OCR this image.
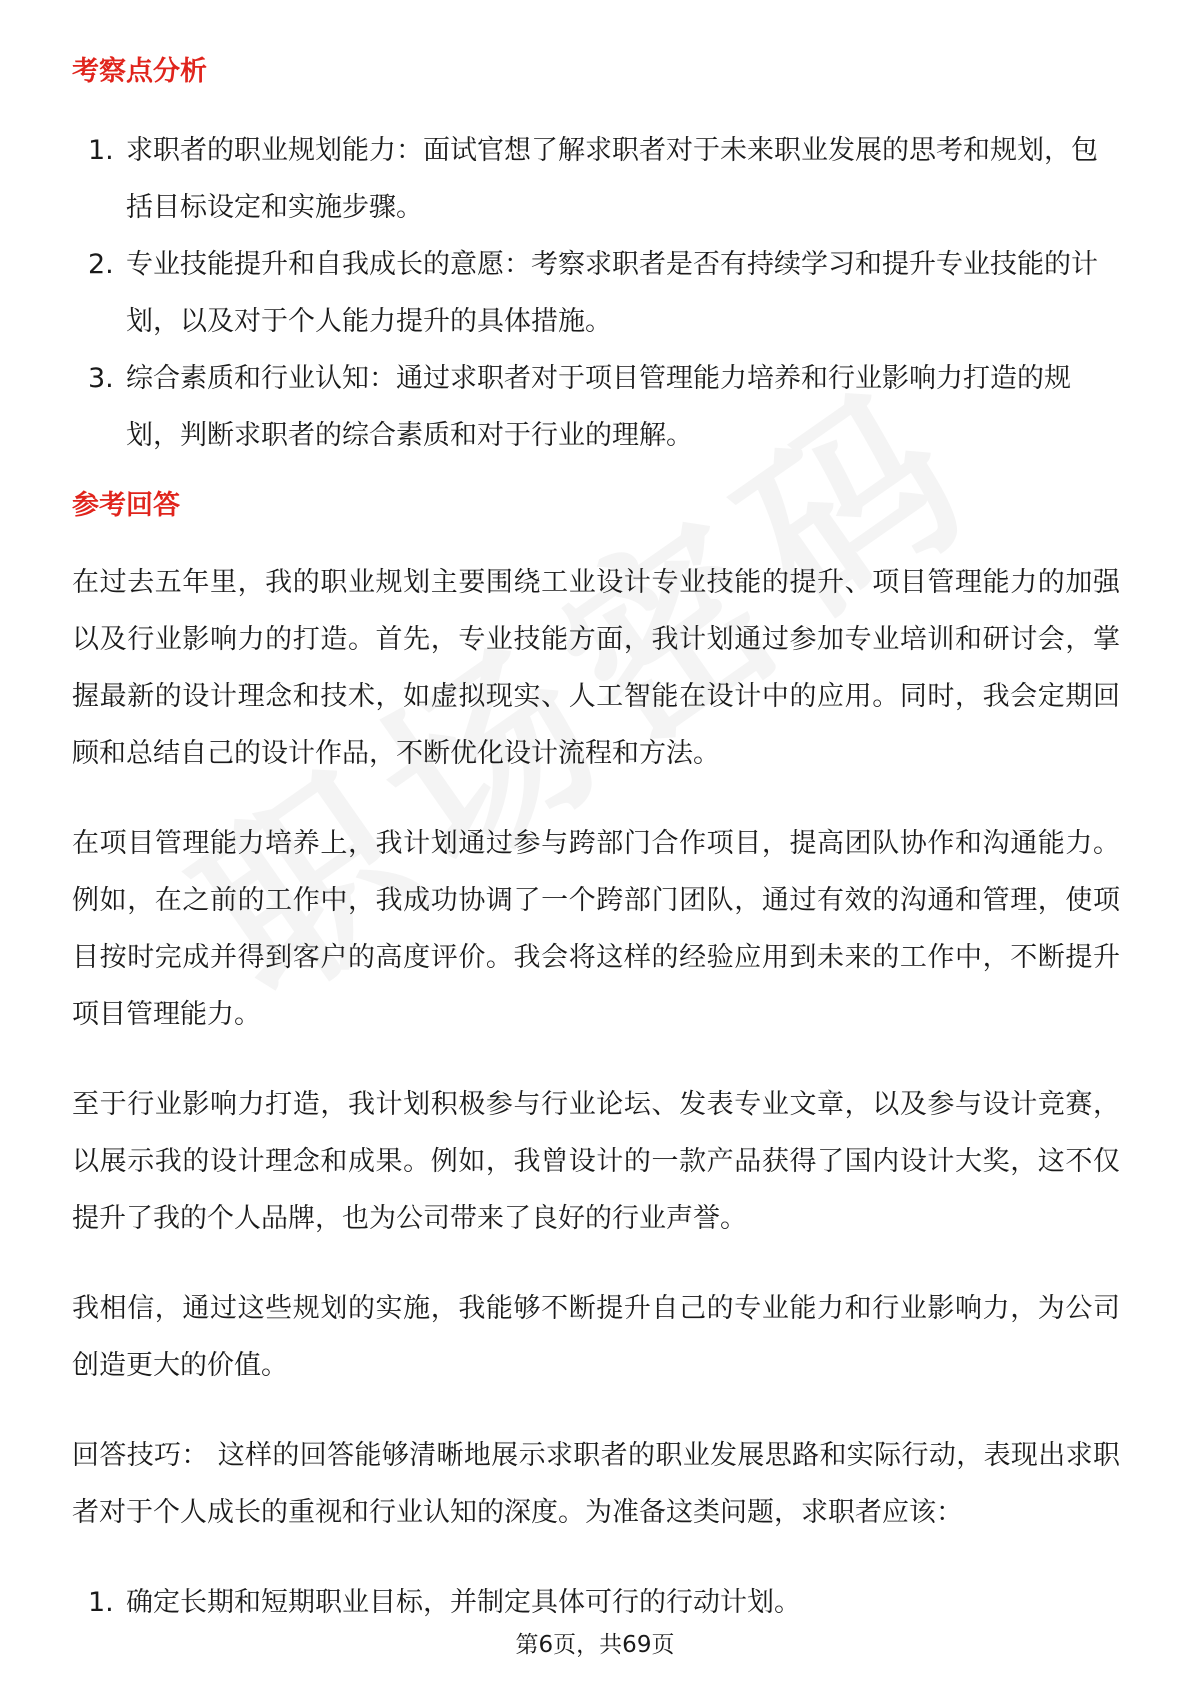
考察点分析
1. 求职者的职业规划能力：面试官想了解求职者对于未来职业发展的思考和规划，包括目标设定和实施步骤。
2. 专业技能提升和自我成长的意愿：考察求职者是否有持续学习和提升专业技能的计划，以及对于个人能力提升的具体措施。
3. 综合素质和行业认知：通过求职者对于项目管理能力培养和行业影响力打造的规划，判断求职者的综合素质和对于行业的理解。
参考回答

在过去五年里，我的职业规划主要围绕工业设计专业技能的提升、项目管理能力的加强以及行业影响力的打造。首先，专业技能方面，我计划通过参加专业培训和研讨会，掌握最新的设计理念和技术，如虚拟现实、人工智能在设计中的应用。同时，我会定期回顾和总结自己的设计作品，不断优化设计流程和方法。

在项目管理能力培养上，我计划通过参与跨部门合作项目，提高团队协作和沟通能力。例如，在之前的工作中，我成功协调了一个跨部门团队，通过有效的沟通和管理，使项目按时完成并得到客户的高度评价。我会将这样的经验应用到未来的工作中，不断提升项目管理能力。

至于行业影响力打造，我计划积极参与行业论坛、发表专业文章，以及参与设计竞赛，以展示我的设计理念和成果。例如，我曾设计的一款产品获得了国内设计大奖，这不仅提升了我的个人品牌，也为公司带来了良好的行业声誉。

我相信，通过这些规划的实施，我能够不断提升自己的专业能力和行业影响力，为公司创造更大的价值。

回答技巧： 这样的回答能够清晰地展示求职者的职业发展思路和实际行动，表现出求职者对于个人成长的重视和行业认知的深度。为准备这类问题，求职者应该：

1. 确定长期和短期职业目标，并制定具体可行的行动计划。
第6页，共69页
